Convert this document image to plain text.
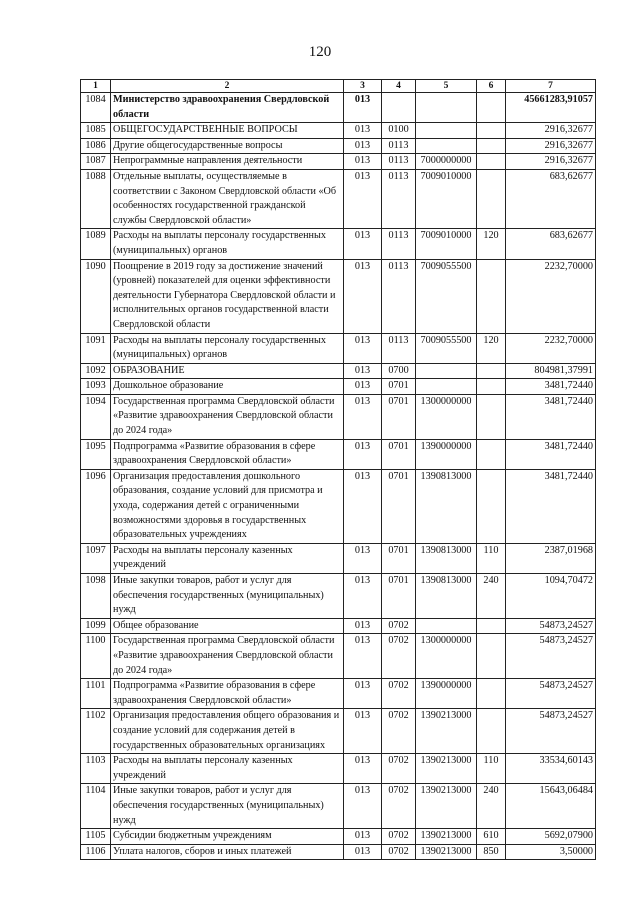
120
1	2	3	4	5	6	7
1084	Министерство здравоохранения Свердловской области	013				45661283,91057
1085	ОБЩЕГОСУДАРСТВЕННЫЕ ВОПРОСЫ	013	0100			2916,32677
1086	Другие общегосударственные вопросы	013	0113			2916,32677
1087	Непрограммные направления деятельности	013	0113	7000000000		2916,32677
1088	Отдельные выплаты, осуществляемые в соответствии с Законом Свердловской области «Об особенностях государственной гражданской службы Свердловской области»	013	0113	7009010000		683,62677
1089	Расходы на выплаты персоналу государственных (муниципальных) органов	013	0113	7009010000	120	683,62677
1090	Поощрение в 2019 году за достижение значений (уровней) показателей для оценки эффективности деятельности Губернатора Свердловской области и исполнительных органов государственной власти Свердловской области	013	0113	7009055500		2232,70000
1091	Расходы на выплаты персоналу государственных (муниципальных) органов	013	0113	7009055500	120	2232,70000
1092	ОБРАЗОВАНИЕ	013	0700			804981,37991
1093	Дошкольное образование	013	0701			3481,72440
1094	Государственная программа Свердловской области «Развитие здравоохранения Свердловской области до 2024 года»	013	0701	1300000000		3481,72440
1095	Подпрограмма «Развитие образования в сфере здравоохранения Свердловской области»	013	0701	1390000000		3481,72440
1096	Организация предоставления дошкольного образования, создание условий для присмотра и ухода, содержания детей с ограниченными возможностями здоровья в государственных образовательных учреждениях	013	0701	1390813000		3481,72440
1097	Расходы на выплаты персоналу казенных учреждений	013	0701	1390813000	110	2387,01968
1098	Иные закупки товаров, работ и услуг для обеспечения государственных (муниципальных) нужд	013	0701	1390813000	240	1094,70472
1099	Общее образование	013	0702			54873,24527
1100	Государственная программа Свердловской области «Развитие здравоохранения Свердловской области до 2024 года»	013	0702	1300000000		54873,24527
1101	Подпрограмма «Развитие образования в сфере здравоохранения Свердловской области»	013	0702	1390000000		54873,24527
1102	Организация предоставления общего образования и создание условий для содержания детей в государственных образовательных организациях	013	0702	1390213000		54873,24527
1103	Расходы на выплаты персоналу казенных учреждений	013	0702	1390213000	110	33534,60143
1104	Иные закупки товаров, работ и услуг для обеспечения государственных (муниципальных) нужд	013	0702	1390213000	240	15643,06484
1105	Субсидии бюджетным учреждениям	013	0702	1390213000	610	5692,07900
1106	Уплата налогов, сборов и иных платежей	013	0702	1390213000	850	3,50000
